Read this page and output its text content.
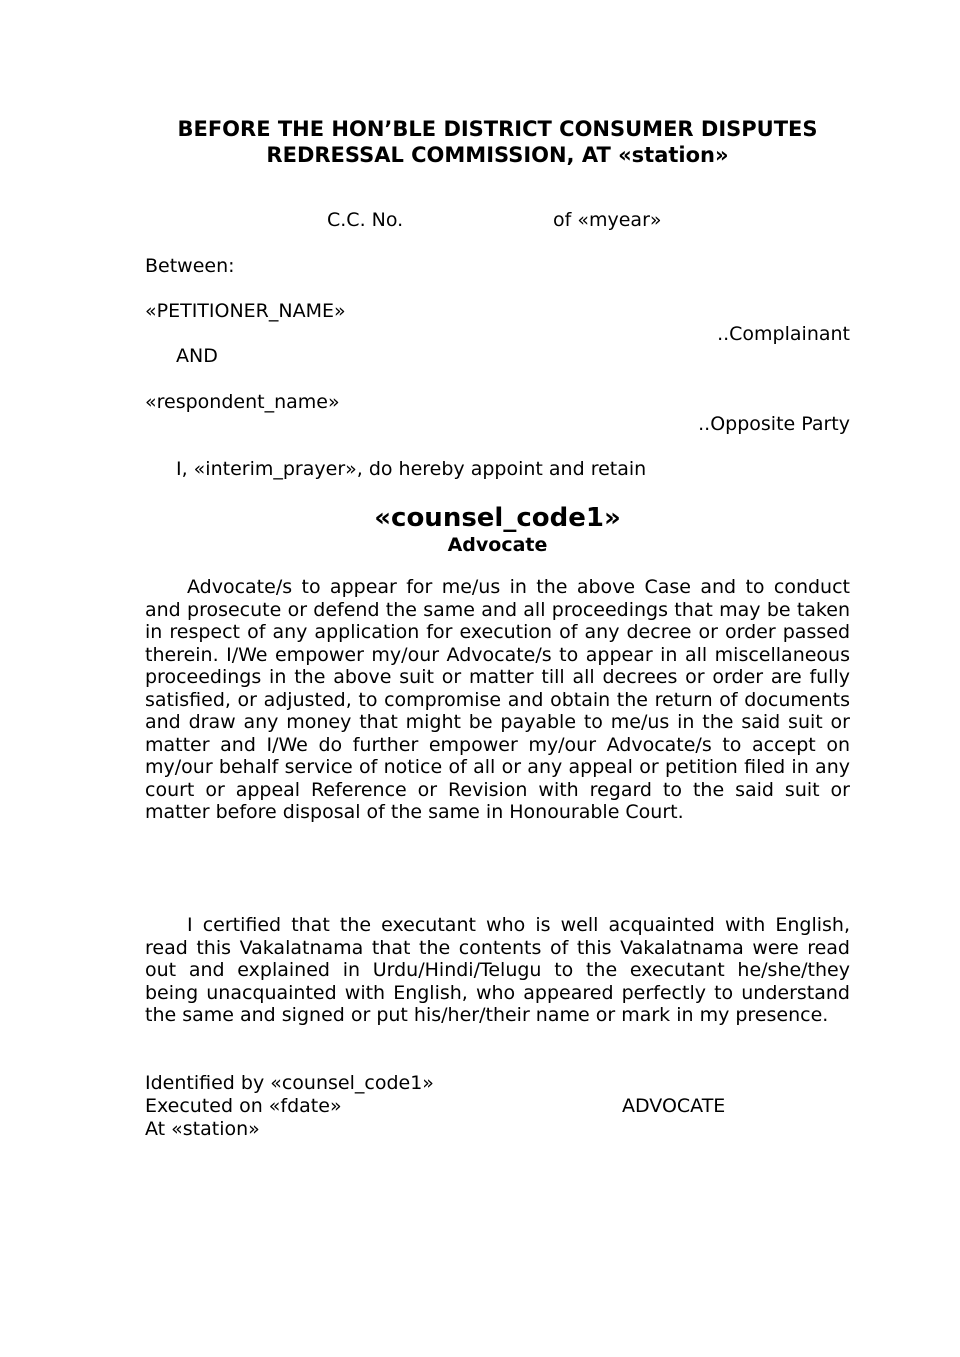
BEFORE THE HON’BLE DISTRICT CONSUMER DISPUTES
REDRESSAL COMMISSION, AT «station»
C.C. No.	of «myear»
Between:
«PETITIONER_NAME»
..Complainant
AND
«respondent_name»
..Opposite Party
I, «interim_prayer», do hereby appoint and retain
«counsel_code1»
Advocate
Advocate/s to appear for me/us in the above Case and to conduct and prosecute or defend the same and all proceedings that may be taken in respect of any application for execution of any decree or order passed therein. I/We empower my/our Advocate/s to appear in all miscellaneous proceedings in the above suit or matter till all decrees or order are fully satisfied, or adjusted, to compromise and obtain the return of documents and draw any money that might be payable to me/us in the said suit or matter and I/We do further empower my/our Advocate/s to accept on my/our behalf service of notice of all or any appeal or petition filed in any court or appeal Reference or Revision with regard to the said suit or matter before disposal of the same in Honourable Court.
I certified that the executant who is well acquainted with English, read this Vakalatnama that the contents of this Vakalatnama were read out and explained in Urdu/Hindi/Telugu to the executant he/she/they being unacquainted with English, who appeared perfectly to understand the same and signed or put his/her/their name or mark in my presence.
Identified by «counsel_code1»
Executed on «fdate»	ADVOCATE
At «station»
